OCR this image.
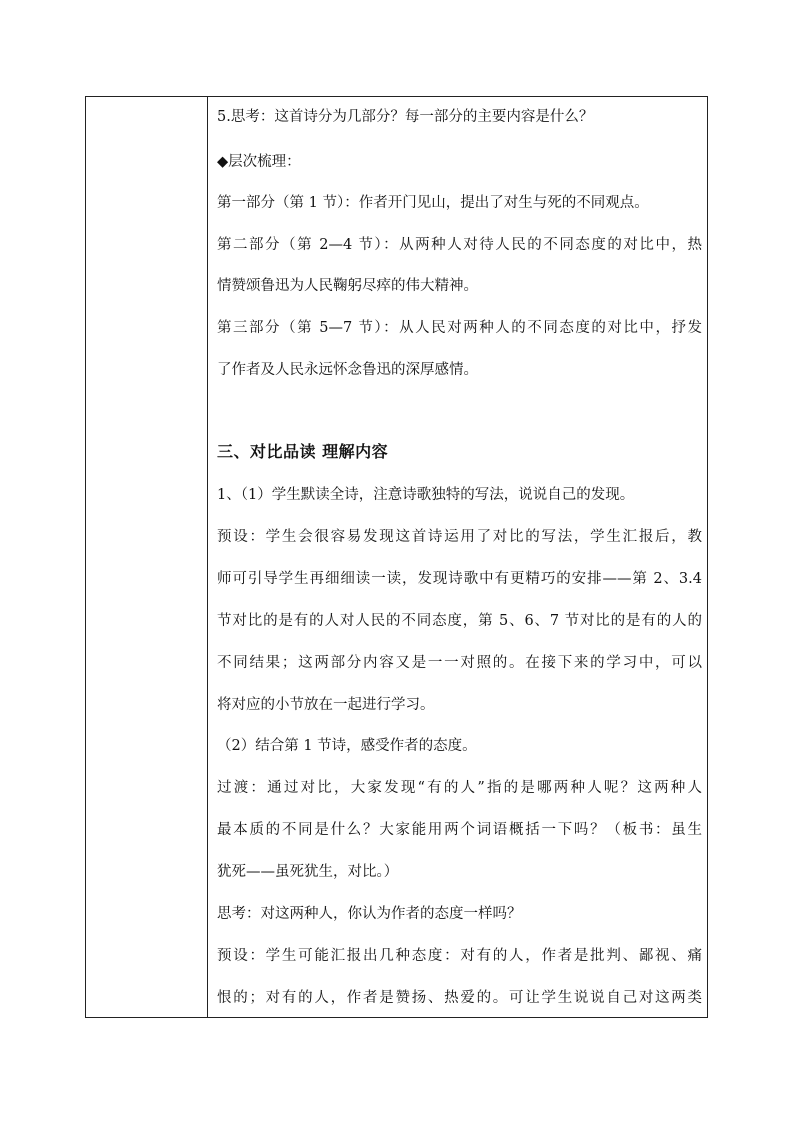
5.思考：这首诗分为几部分？每一部分的主要内容是什么？
◆层次梳理：
第一部分（第 1 节）：作者开门见山，提出了对生与死的不同观点。
第二部分（第 2—4 节）：从两种人对待人民的不同态度的对比中，热
情赞颂鲁迅为人民鞠躬尽瘁的伟大精神。
第三部分（第 5—7 节）：从人民对两种人的不同态度的对比中，抒发
了作者及人民永远怀念鲁迅的深厚感情。
三、对比品读 理解内容
1、（1）学生默读全诗，注意诗歌独特的写法，说说自己的发现。
预设：学生会很容易发现这首诗运用了对比的写法，学生汇报后，教
师可引导学生再细细读一读，发现诗歌中有更精巧的安排——第 2、3.4
节对比的是有的人对人民的不同态度，第 5、6、7 节对比的是有的人的
不同结果；这两部分内容又是一一对照的。在接下来的学习中，可以
将对应的小节放在一起进行学习。
（2）结合第 1 节诗，感受作者的态度。
过渡：通过对比，大家发现“有的人”指的是哪两种人呢？这两种人
最本质的不同是什么？大家能用两个词语概括一下吗？（板书：虽生
犹死——虽死犹生，对比。）
思考：对这两种人，你认为作者的态度一样吗？
预设：学生可能汇报出几种态度：对有的人，作者是批判、鄙视、痛
恨的；对有的人，作者是赞扬、热爱的。可让学生说说自己对这两类
